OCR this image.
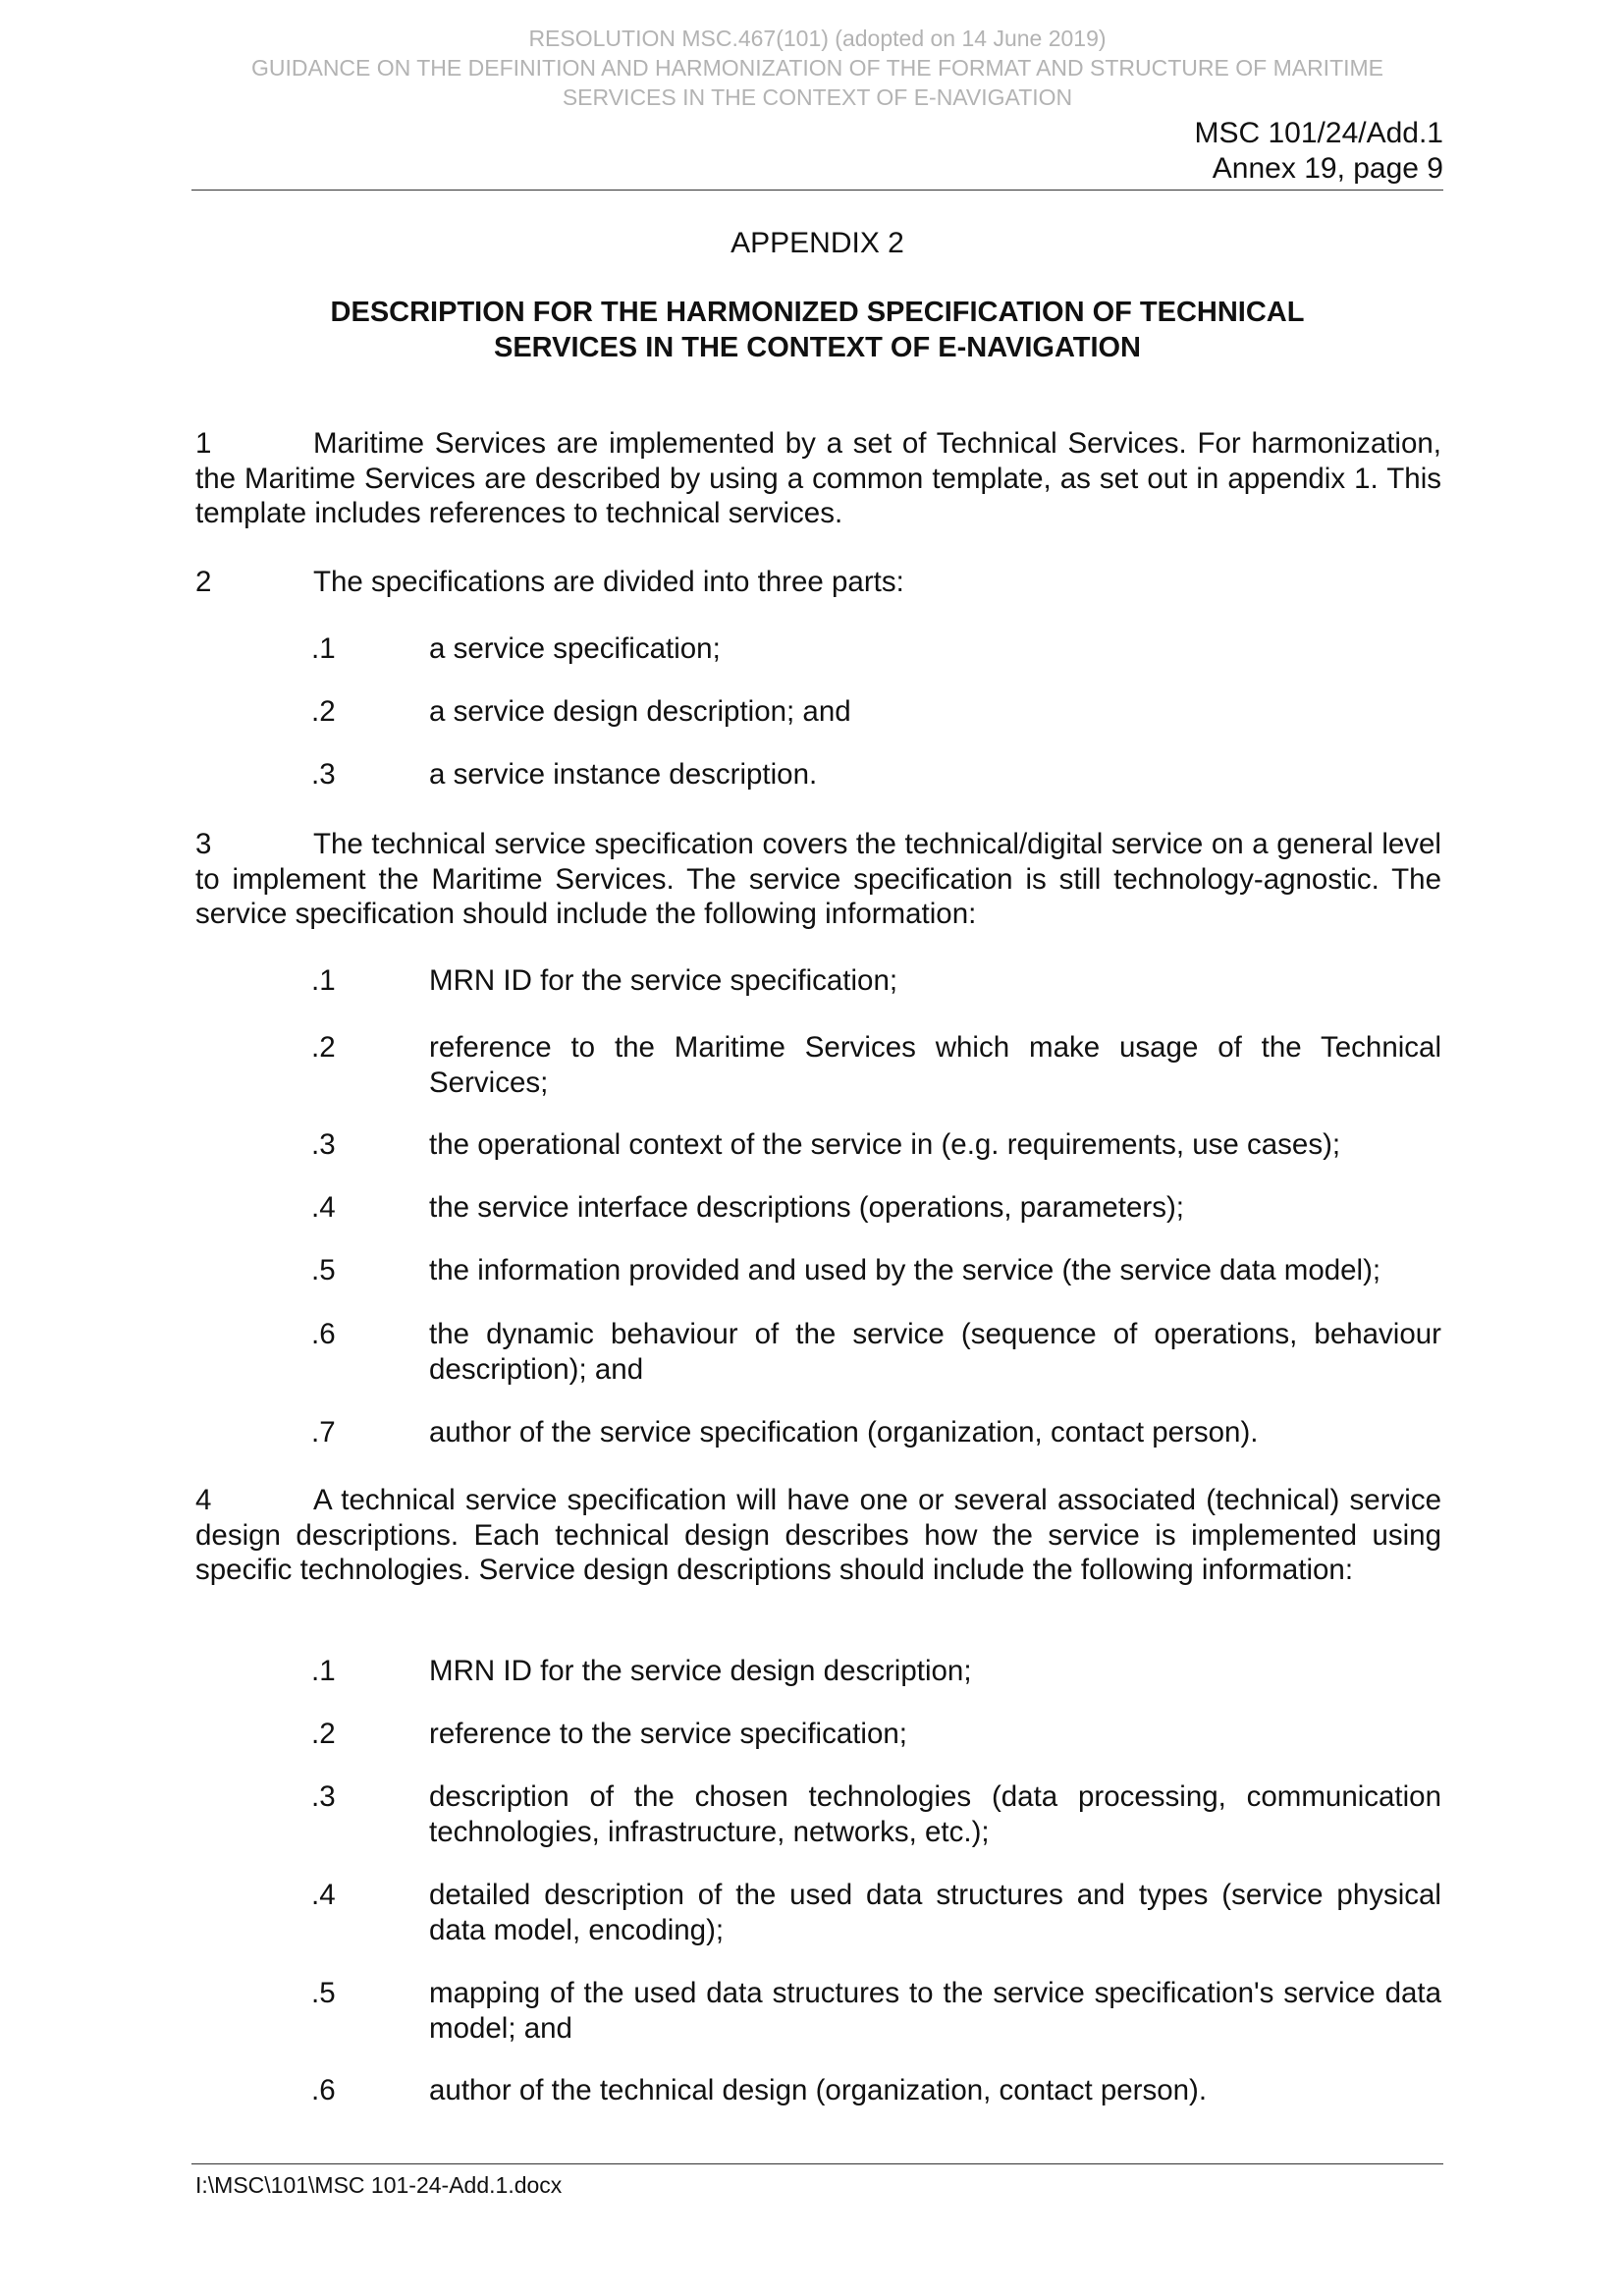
RESOLUTION MSC.467(101) (adopted on 14 June 2019)
GUIDANCE ON THE DEFINITION AND HARMONIZATION OF THE FORMAT AND STRUCTURE OF MARITIME
SERVICES IN THE CONTEXT OF E-NAVIGATION
MSC 101/24/Add.1
Annex 19, page 9
APPENDIX 2
DESCRIPTION FOR THE HARMONIZED SPECIFICATION OF TECHNICAL
SERVICES IN THE CONTEXT OF E-NAVIGATION
1	Maritime Services are implemented by a set of Technical Services. For harmonization, the Maritime Services are described by using a common template, as set out in appendix 1. This template includes references to technical services.
2	The specifications are divided into three parts:
.1	a service specification;
.2	a service design description; and
.3	a service instance description.
3	The technical service specification covers the technical/digital service on a general level to implement the Maritime Services. The service specification is still technology-agnostic. The service specification should include the following information:
.1	MRN ID for the service specification;
.2	reference to the Maritime Services which make usage of the Technical Services;
.3	the operational context of the service in (e.g. requirements, use cases);
.4	the service interface descriptions (operations, parameters);
.5	the information provided and used by the service (the service data model);
.6	the dynamic behaviour of the service (sequence of operations, behaviour description); and
.7	author of the service specification (organization, contact person).
4	A technical service specification will have one or several associated (technical) service design descriptions. Each technical design describes how the service is implemented using specific technologies. Service design descriptions should include the following information:
.1	MRN ID for the service design description;
.2	reference to the service specification;
.3	description of the chosen technologies (data processing, communication technologies, infrastructure, networks, etc.);
.4	detailed description of the used data structures and types (service physical data model, encoding);
.5	mapping of the used data structures to the service specification's service data model; and
.6	author of the technical design (organization, contact person).
I:\MSC\101\MSC 101-24-Add.1.docx
